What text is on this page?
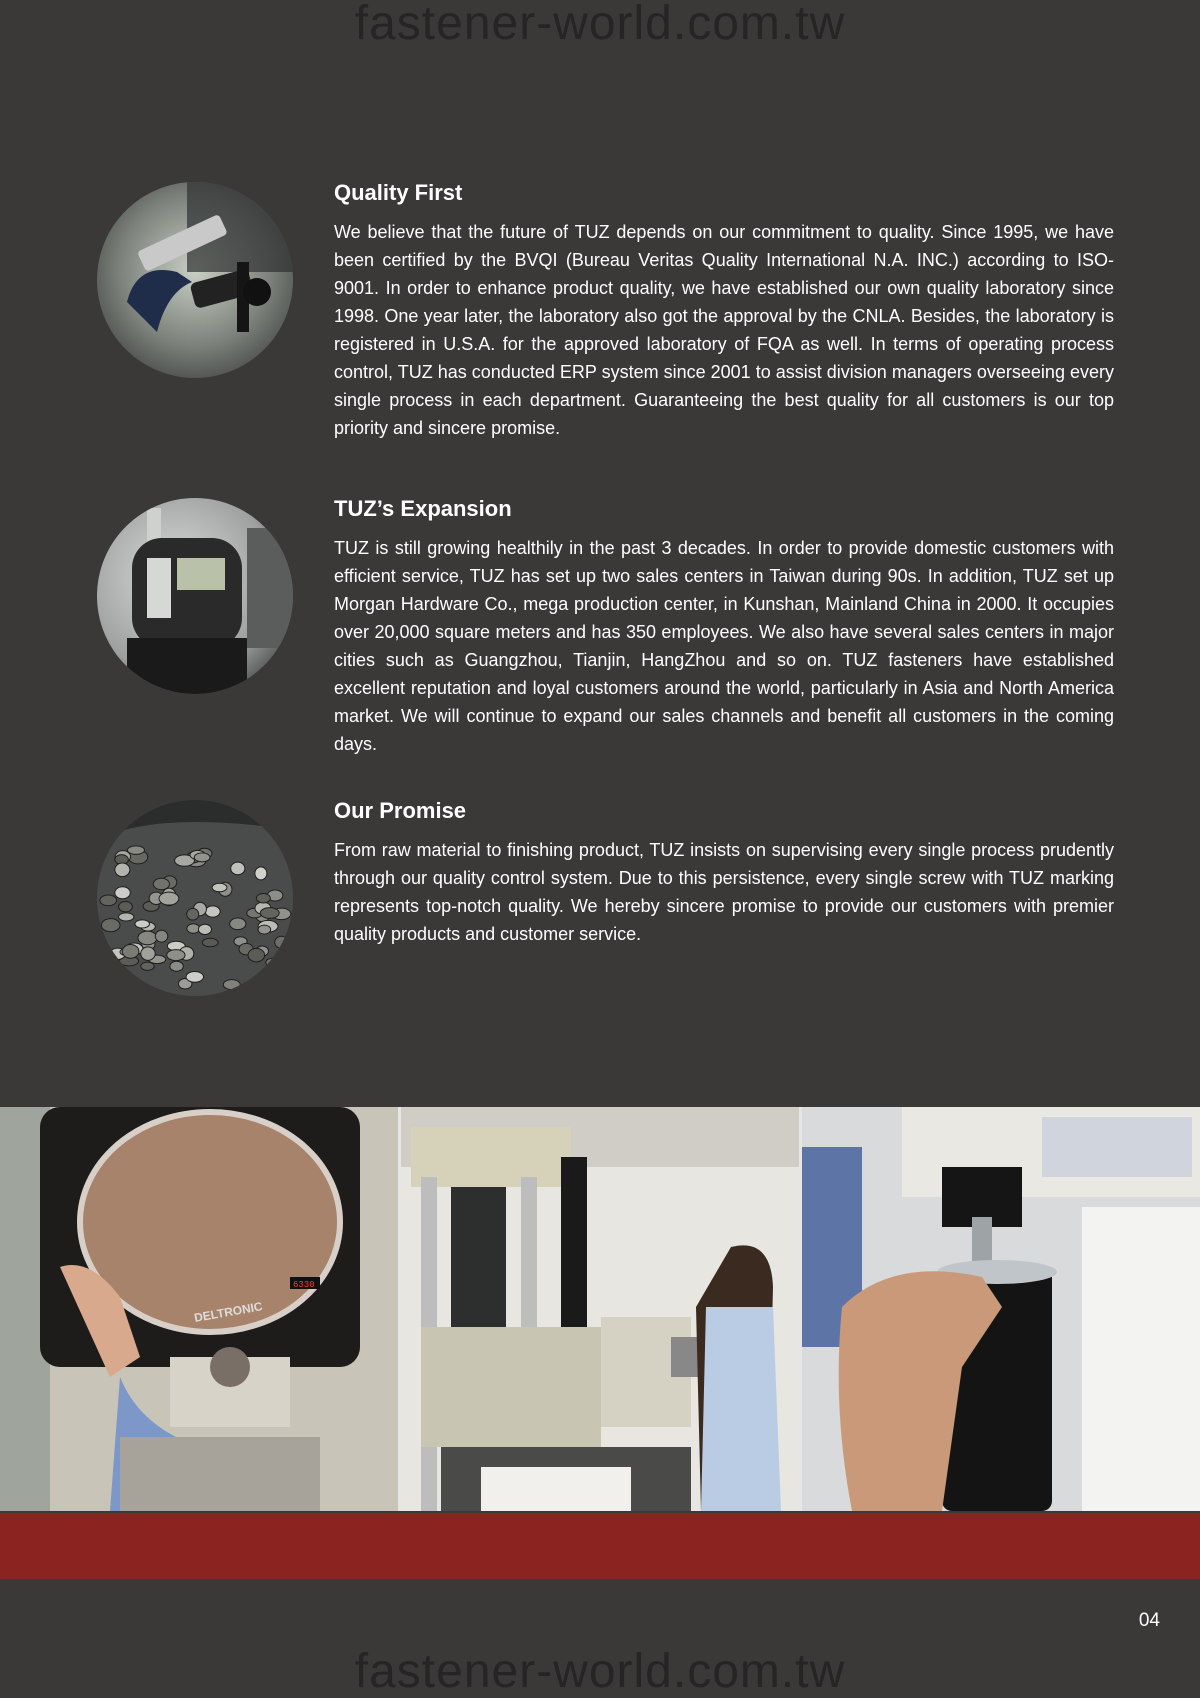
fastener-world.com.tw
Quality First

We believe that the future of TUZ depends on our commitment to quality. Since 1995, we have been certified by the BVQI (Bureau Veritas Quality International N.A. INC.) according to ISO-9001. In order to enhance product quality, we have established our own quality laboratory since 1998. One year later, the laboratory also got the approval by the CNLA. Besides, the laboratory is registered in U.S.A. for the approved laboratory of FQA as well. In terms of operating process control, TUZ has conducted ERP system since 2001 to assist division managers overseeing every single process in each department. Guaranteeing the best quality for all customers is our top priority and sincere promise.

TUZ’s Expansion

TUZ is still growing healthily in the past 3 decades. In order to provide domestic customers with efficient service, TUZ has set up two sales centers in Taiwan during 90s. In addition, TUZ set up Morgan Hardware Co., mega production center, in Kunshan, Mainland China in 2000. It occupies over 20,000 square meters and has 350 employees. We also have several sales centers in major cities such as Guangzhou, Tianjin, HangZhou and so on. TUZ fasteners have established excellent reputation and loyal customers around the world, particularly in Asia and North America market. We will continue to expand our sales channels and benefit all customers in the coming days.

Our Promise

From raw material to finishing product, TUZ insists on supervising every single process prudently through our quality control system. Due to this persistence, every single screw with TUZ marking represents top-notch quality. We hereby sincere promise to provide our customers with premier quality products and customer service.

DELTRONIC
6330
04
fastener-world.com.tw
